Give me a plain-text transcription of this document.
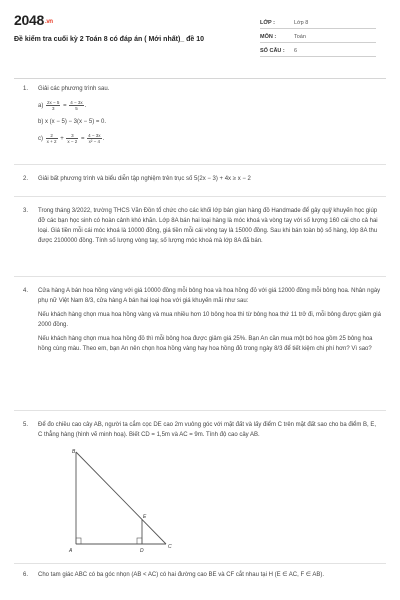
2048.vn
Đề kiểm tra cuối kỳ 2 Toán 8 có đáp án ( Mới nhất)_ đề 10
LỚP :	Lớp 8
MÔN :	Toán
SỐ CÂU :	6
1. Giải các phương trình sau.

$a) \frac{2x - 5}{3} = \frac{4 - 3x}{5}$ .

b) x (x − 5) − 3(x − 5) = 0.

$c) \frac{2}{x + 2} + \frac{3}{x - 2} = \frac{4 - 3x}{\text{x² − 4}}$ .

2. Giải bất phương trình và biểu diễn tập nghiệm trên trục số 5(2x − 3) + 4x ≥ x − 2

3. Trong tháng 3/2022, trường THCS Văn Đồn tổ chức cho các khối lớp bán gian hàng đồ Handmade để gây quỹ khuyến học giúp đỡ các bạn học sinh có hoàn cảnh khó khăn. Lớp 8A bán hai loại hàng là móc khoá và vòng tay với số lượng 160 cái cho cả hai loại. Giá tiền mỗi cái móc khoá là 10000 đồng, giá tiền mỗi cái vòng tay là 15000 đồng. Sau khi bán toàn bộ số hàng, lớp 8A thu được 2100000 đồng. Tính số lượng vòng tay, số lượng móc khoá mà lớp 8A đã bán.

4. Cửa hàng A bán hoa hồng vàng với giá 10000 đồng mỗi bông hoa và hoa hồng đỏ với giá 12000 đồng mỗi bông hoa. Nhân ngày phụ nữ Việt Nam 8/3, cửa hàng A bán hai loại hoa với giá khuyến mãi như sau:

Nếu khách hàng chọn mua hoa hồng vàng và mua nhiều hơn 10 bông hoa thì từ bông hoa thứ 11 trở đi, mỗi bông được giảm giá 2000 đồng.

Nếu khách hàng chọn mua hoa hồng đỏ thì mỗi bông hoa được giảm giá 25%. Bạn An cần mua một bó hoa gồm 25 bông hoa hồng cùng màu. Theo em, bạn An nên chọn hoa hồng vàng hay hoa hồng đỏ trong ngày 8/3 để tiết kiệm chi phí hơn? Vì sao?

5. Để đo chiều cao cây AB, người ta cắm cọc DE cao 2m vuông góc với mặt đất và lấy điểm C trên mặt đất sao cho ba điểm B, E, C thẳng hàng (hình vẽ minh hoạ). Biết CD = 1,5m và AC = 9m. Tính độ cao cây AB.

A
B
C
D
E
6. Cho tam giác ABC có ba góc nhọn (AB < AC) có hai đường cao BE và CF cắt nhau tại H (E ∈ AC, F ∈ AB).
